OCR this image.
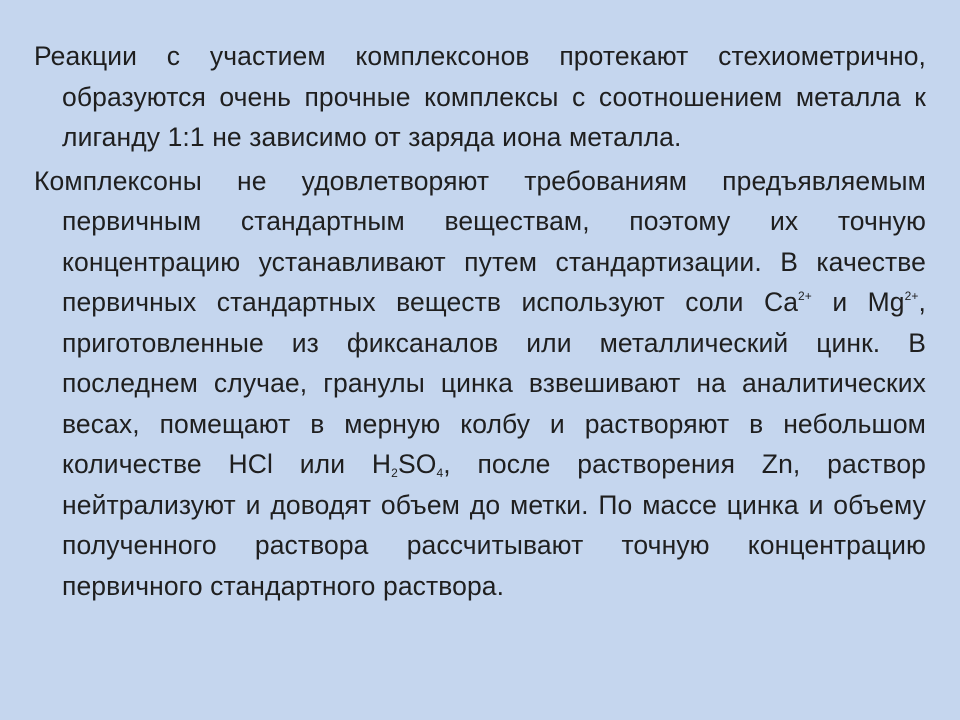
Реакции с участием комплексонов протекают стехиометрично, образуются очень прочные комплексы с соотношением металла к лиганду 1:1 не зависимо от заряда иона металла.

Комплексоны не удовлетворяют требованиям предъявляемым первичным стандартным веществам, поэтому их точную концентрацию устанавливают путем стандартизации. В качестве первичных стандартных веществ используют соли $Ca^{2+}$ и $Mg^{2+}$, приготовленные из фиксаналов или металлический цинк. В последнем случае, гранулы цинка взвешивают на аналитических весах, помещают в мерную колбу и растворяют в небольшом количестве HCl или $H_2SO_4$, после растворения Zn, раствор нейтрализуют и доводят объем до метки. По массе цинка и объему полученного раствора рассчитывают точную концентрацию первичного стандартного раствора.
